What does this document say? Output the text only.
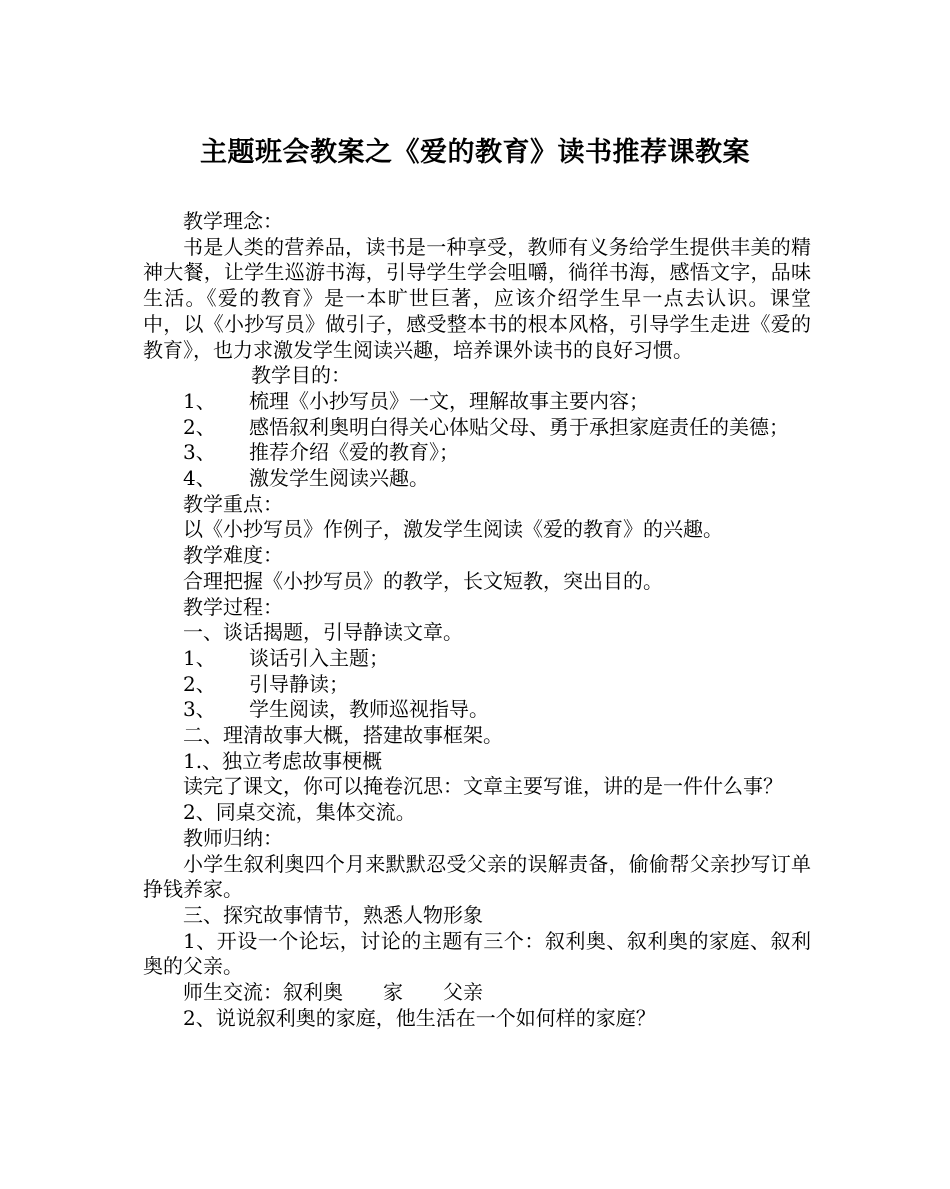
主题班会教案之《爱的教育》读书推荐课教案

教学理念：

书是人类的营养品，读书是一种享受，教师有义务给学生提供丰美的精神大餐，让学生巡游书海，引导学生学会咀嚼，徜徉书海，感悟文字，品味生活。《爱的教育》是一本旷世巨著，应该介绍学生早一点去认识。课堂中，以《小抄写员》做引子，感受整本书的根本风格，引导学生走进《爱的教育》，也力求激发学生阅读兴趣，培养课外读书的良好习惯。

教学目的：

1、 梳理《小抄写员》一文，理解故事主要内容；

2、 感悟叙利奥明白得关心体贴父母、勇于承担家庭责任的美德；

3、 推荐介绍《爱的教育》；

4、 激发学生阅读兴趣。

教学重点：

以《小抄写员》作例子，激发学生阅读《爱的教育》的兴趣。

教学难度：

合理把握《小抄写员》的教学，长文短教，突出目的。

教学过程：

一、谈话揭题，引导静读文章。

1、 谈话引入主题；

2、 引导静读；

3、 学生阅读，教师巡视指导。

二、理清故事大概，搭建故事框架。

1.、独立考虑故事梗概

读完了课文，你可以掩卷沉思：文章主要写谁，讲的是一件什么事？

2、同桌交流，集体交流。

教师归纳：

小学生叙利奥四个月来默默忍受父亲的误解责备，偷偷帮父亲抄写订单挣钱养家。

三、探究故事情节，熟悉人物形象

1、开设一个论坛，讨论的主题有三个：叙利奥、叙利奥的家庭、叙利奥的父亲。

师生交流：叙利奥 家 父亲

2、说说叙利奥的家庭，他生活在一个如何样的家庭？
